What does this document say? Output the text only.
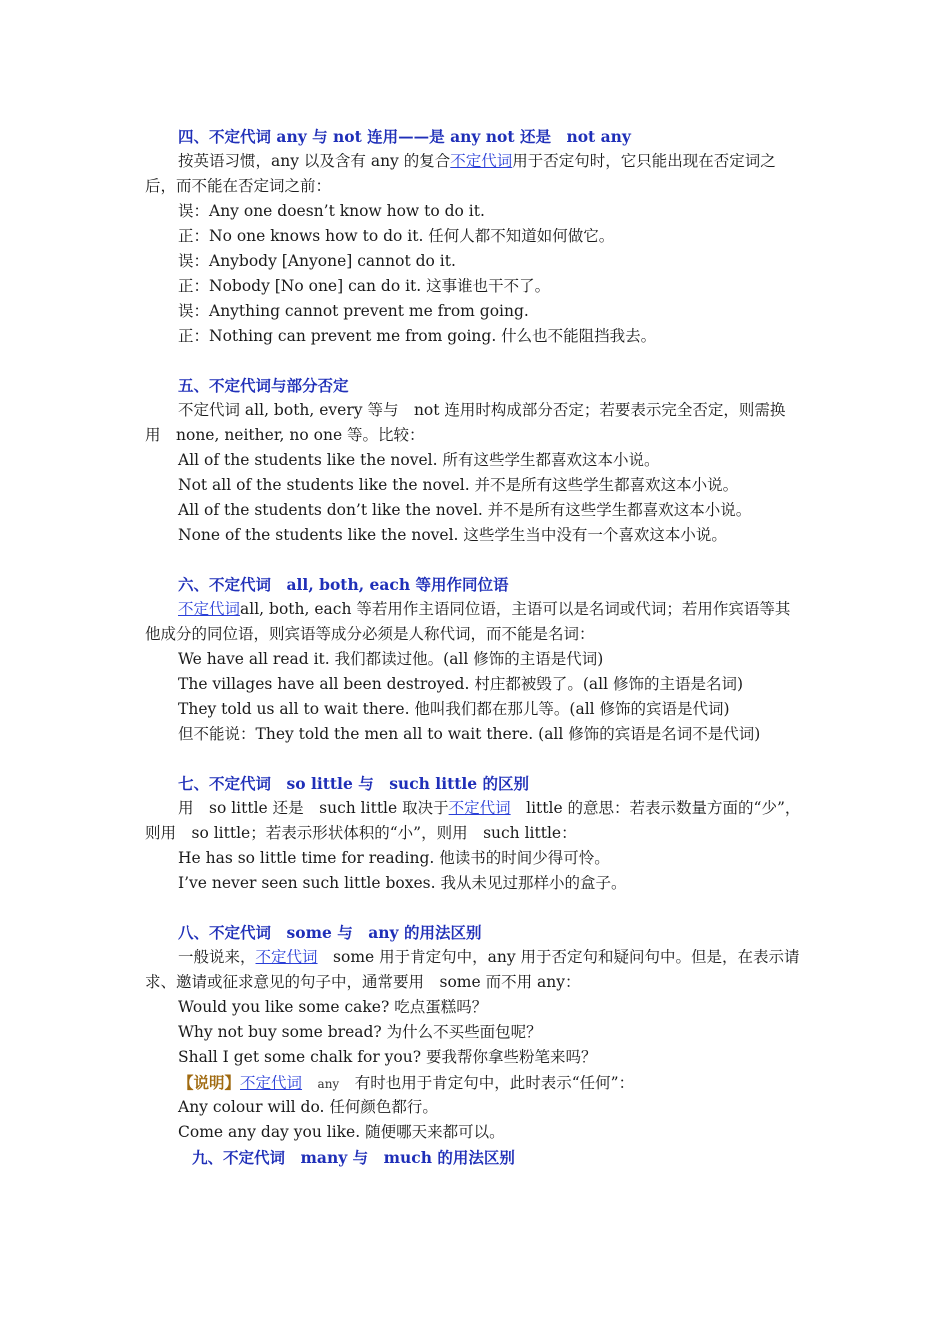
四、不定代词 any 与 not 连用——是 any not 还是　not any
按英语习惯，any 以及含有 any 的复合不定代词用于否定句时，它只能出现在否定词之
后，而不能在否定词之前：
误：Any one doesn’t know how to do it.
正：No one knows how to do it. 任何人都不知道如何做它。
误：Anybody [Anyone] cannot do it.
正：Nobody [No one] can do it. 这事谁也干不了。
误：Anything cannot prevent me from going.
正：Nothing can prevent me from going. 什么也不能阻挡我去。
五、不定代词与部分否定
不定代词 all, both, every 等与　not 连用时构成部分否定；若要表示完全否定，则需换
用　none, neither, no one 等。比较：
All of the students like the novel. 所有这些学生都喜欢这本小说。
Not all of the students like the novel. 并不是所有这些学生都喜欢这本小说。
All of the students don’t like the novel. 并不是所有这些学生都喜欢这本小说。
None of the students like the novel. 这些学生当中没有一个喜欢这本小说。
六、不定代词　all, both, each 等用作同位语
不定代词all, both, each 等若用作主语同位语，主语可以是名词或代词；若用作宾语等其
他成分的同位语，则宾语等成分必须是人称代词，而不能是名词：
We have all read it. 我们都读过他。(all 修饰的主语是代词)
The villages have all been destroyed. 村庄都被毁了。(all 修饰的主语是名词)
They told us all to wait there. 他叫我们都在那儿等。(all 修饰的宾语是代词)
但不能说：They told the men all to wait there. (all 修饰的宾语是名词不是代词)
七、不定代词　so little 与　such little 的区别
用　so little 还是　such little 取决于不定代词　little 的意思：若表示数量方面的“少”，
则用　so little；若表示形状体积的“小”，则用　such little：
He has so little time for reading. 他读书的时间少得可怜。
I’ve never seen such little boxes. 我从未见过那样小的盒子。
八、不定代词　some 与　any 的用法区别
一般说来，不定代词　some 用于肯定句中，any 用于否定句和疑问句中。但是，在表示请
求、邀请或征求意见的句子中，通常要用　some 而不用 any：
Would you like some cake? 吃点蛋糕吗？
Why not buy some bread? 为什么不买些面包呢？
Shall I get some chalk for you? 要我帮你拿些粉笔来吗？
【说明】不定代词　 any　 有时也用于肯定句中，此时表示“任何”：
Any colour will do. 任何颜色都行。
Come any day you like. 随便哪天来都可以。
九、不定代词　many 与　much 的用法区别
